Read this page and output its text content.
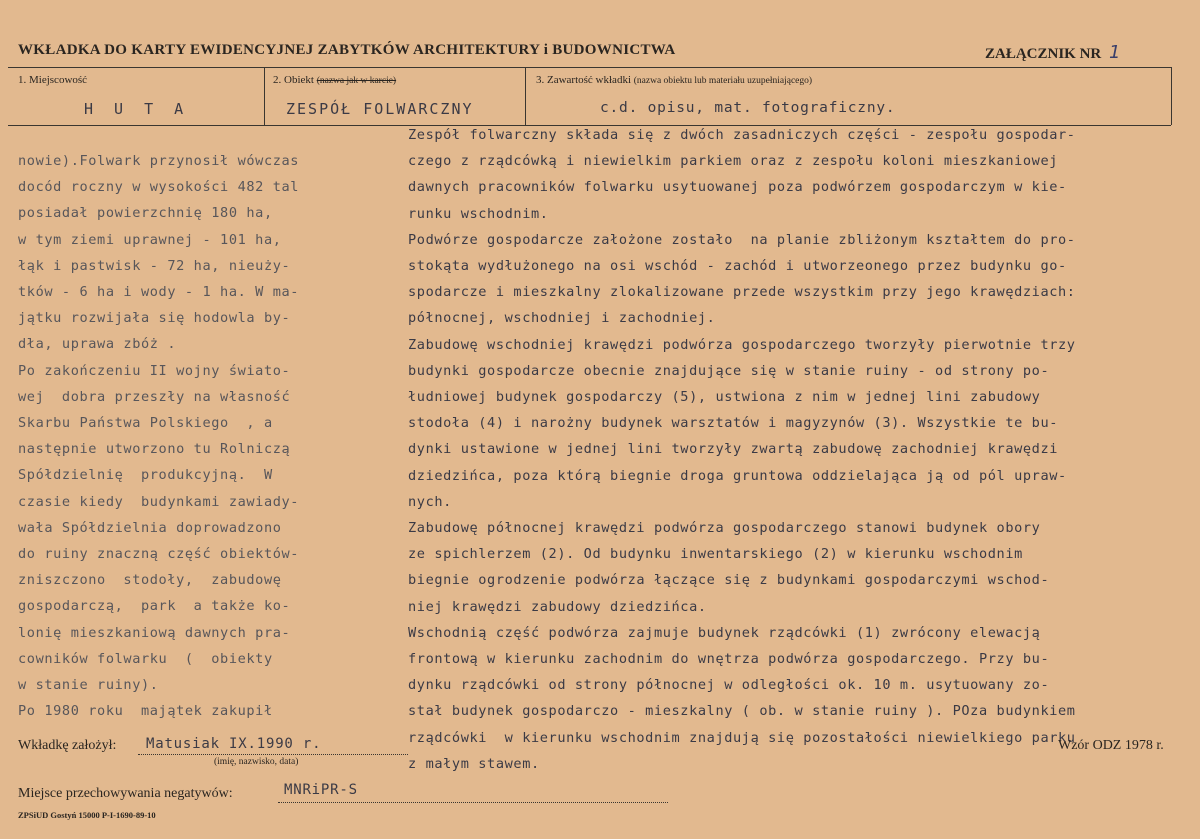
WKŁADKA DO KARTY EWIDENCYJNEJ ZABYTKÓW ARCHITEKTURY i BUDOWNICTWA	ZAŁĄCZNIK NR 1
1. Miejscowość
H U T A
2. Obiekt (nazwa jak w karcie)
ZESPÓŁ FOLWARCZNY
3. Zawartość wkładki (nazwa obiektu lub materiału uzupełniającego)
c.d. opisu, mat. fotograficzny.
nowie).Folwark przynosił wówczas
docód roczny w wysokości 482 tal
posiadał powierzchnię 180 ha,
w tym ziemi uprawnej - 101 ha,
łąk i pastwisk - 72 ha, nieuży-
tków - 6 ha i wody - 1 ha. W ma-
jątku rozwijała się hodowla by-
dła, uprawa zbóż .
Po zakończeniu II wojny świato-
wej  dobra przeszły na własność
Skarbu Państwa Polskiego  , a
następnie utworzono tu Rolniczą
Spółdzielnię  produkcyjną.  W
czasie kiedy  budynkami zawiady-
wała Spółdzielnia doprowadzono
do ruiny znaczną część obiektów-
zniszczono  stodoły,  zabudowę
gospodarczą,  park  a także ko-
lonię mieszkaniową dawnych pra-
cowników folwarku  (  obiekty
w stanie ruiny).
Po 1980 roku  majątek zakupił
Zespół folwarczny składa się z dwóch zasadniczych części - zespołu gospodar-
czego z rządcówką i niewielkim parkiem oraz z zespołu koloni mieszkaniowej
dawnych pracowników folwarku usytuowanej poza podwórzem gospodarczym w kie-
runku wschodnim.
Podwórze gospodarcze założone zostało  na planie zbliżonym kształtem do pro-
stokąta wydłużonego na osi wschód - zachód i utworzeonego przez budynku go-
spodarcze i mieszkalny zlokalizowane przede wszystkim przy jego krawędziach:
północnej, wschodniej i zachodniej.
Zabudowę wschodniej krawędzi podwórza gospodarczego tworzyły pierwotnie trzy
budynki gospodarcze obecnie znajdujące się w stanie ruiny - od strony po-
łudniowej budynek gospodarczy (5), ustwiona z nim w jednej lini zabudowy
stodoła (4) i narożny budynek warsztatów i magyzynów (3). Wszystkie te bu-
dynki ustawione w jednej lini tworzyły zwartą zabudowę zachodniej krawędzi
dziedzińca, poza którą biegnie droga gruntowa oddzielająca ją od pól upraw-
nych.
Zabudowę północnej krawędzi podwórza gospodarczego stanowi budynek obory
ze spichlerzem (2). Od budynku inwentarskiego (2) w kierunku wschodnim
biegnie ogrodzenie podwórza łączące się z budynkami gospodarczymi wschod-
niej krawędzi zabudowy dziedzińca.
Wschodnią część podwórza zajmuje budynek rządcówki (1) zwrócony elewacją
frontową w kierunku zachodnim do wnętrza podwórza gospodarczego. Przy bu-
dynku rządcówki od strony północnej w odległości ok. 10 m. usytuowany zo-
stał budynek gospodarczo - mieszkalny ( ob. w stanie ruiny ). POza budynkiem
rządcówki  w kierunku wschodnim znajdują się pozostałości niewielkiego parku
z małym stawem.
Wkładkę założył: Matusiak IX.1990 r.
(imię, nazwisko, data)
Wzór ODZ 1978 r.
Miejsce przechowywania negatywów:	MNRiPR-S
ZPSiUD Gostyń 15000 P-I-1690-89-10
